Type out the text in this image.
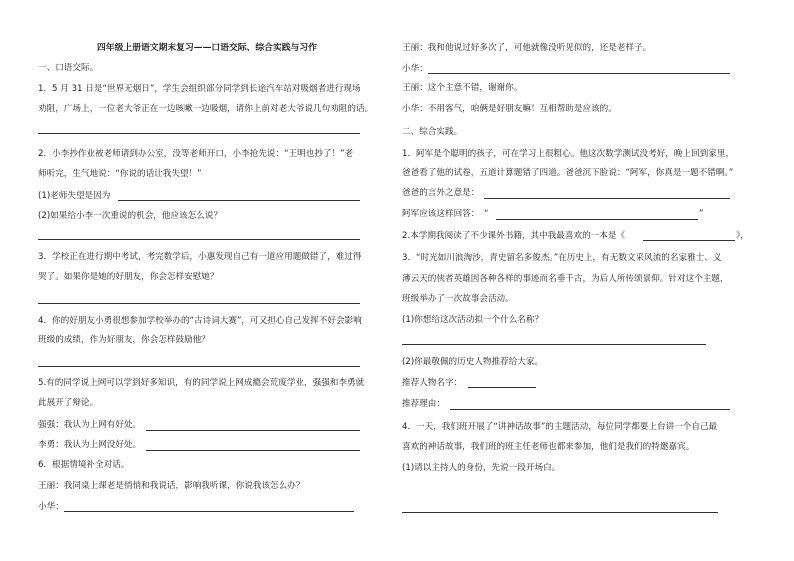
四年级上册语文期末复习——口语交际、综合实践与习作
一、口语交际。
1．5 月 31 日是“世界无烟日”，学生会组织部分同学到长途汽车站对吸烟者进行现场
劝阻，广场上，一位老大爷正在一边咳嗽一边吸烟，请你上前对老大爷说几句劝阻的话。
2．小李抄作业被老师请到办公室，没等老师开口，小李抢先说：“王明也抄了！”老
师听完，生气地说：“你说的话让我失望！”
(1)老师失望是因为
(2)如果给小李一次重说的机会，他应该怎么说？
3．学校正在进行期中考试，考完数学后，小惠发现自己有一道应用题做错了，难过得
哭了。如果你是她的好朋友，你会怎样安慰她？
4．你的好朋友小勇很想参加学校举办的“古诗词大赛”，可又担心自己发挥不好会影响
班级的成绩，作为好朋友，你会怎样鼓励他？
5.有的同学说上网可以学到好多知识，有的同学说上网成瘾会荒废学业，强强和李勇就
此展开了辩论。
强强：我认为上网有好处。
李勇：我认为上网没好处。
6．根据情境补全对话。
王丽：我同桌上课老是悄悄和我说话，影响我听课，你说我该怎么办？
小华：
王丽：我和他说过好多次了，可他就像没听见似的，还是老样子。
小华：
王丽：这个主意不错，谢谢你。
小华：不用客气，咱俩是好朋友嘛！互相帮助是应该的。
二、综合实践。
1．阿军是个聪明的孩子，可在学习上很粗心。他这次数学测试没考好，晚上回到家里，
爸爸看了他的试卷，五道计算题错了四道。爸爸沉下脸说：“阿军，你真是一题不错啊。”
爸爸的言外之意是：
阿军应该这样回答： “	”
2.本学期我阅读了不少课外书籍，其中我最喜欢的一本是《	》，
3．“时光如川浪淘沙，青史留名多俊杰。”在历史上，有无数文采风流的名家雅士、义
薄云天的侠者英雄因各种各样的事迹而名垂千古，为后人所传颂景仰。针对这个主题，
班级举办了一次故事会活动。
(1)你想给这次活动拟一个什么名称？
(2)你最敬佩的历史人物推荐给大家。
推荐人物名字：
推荐理由：
4．一天，我们班开展了“讲神话故事”的主题活动，每位同学都要上台讲一个自己最
喜欢的神话故事，我们班的班主任老师也都来参加，他们是我们的特邀嘉宾。
(1)请以主持人的身份，先说一段开场白。
